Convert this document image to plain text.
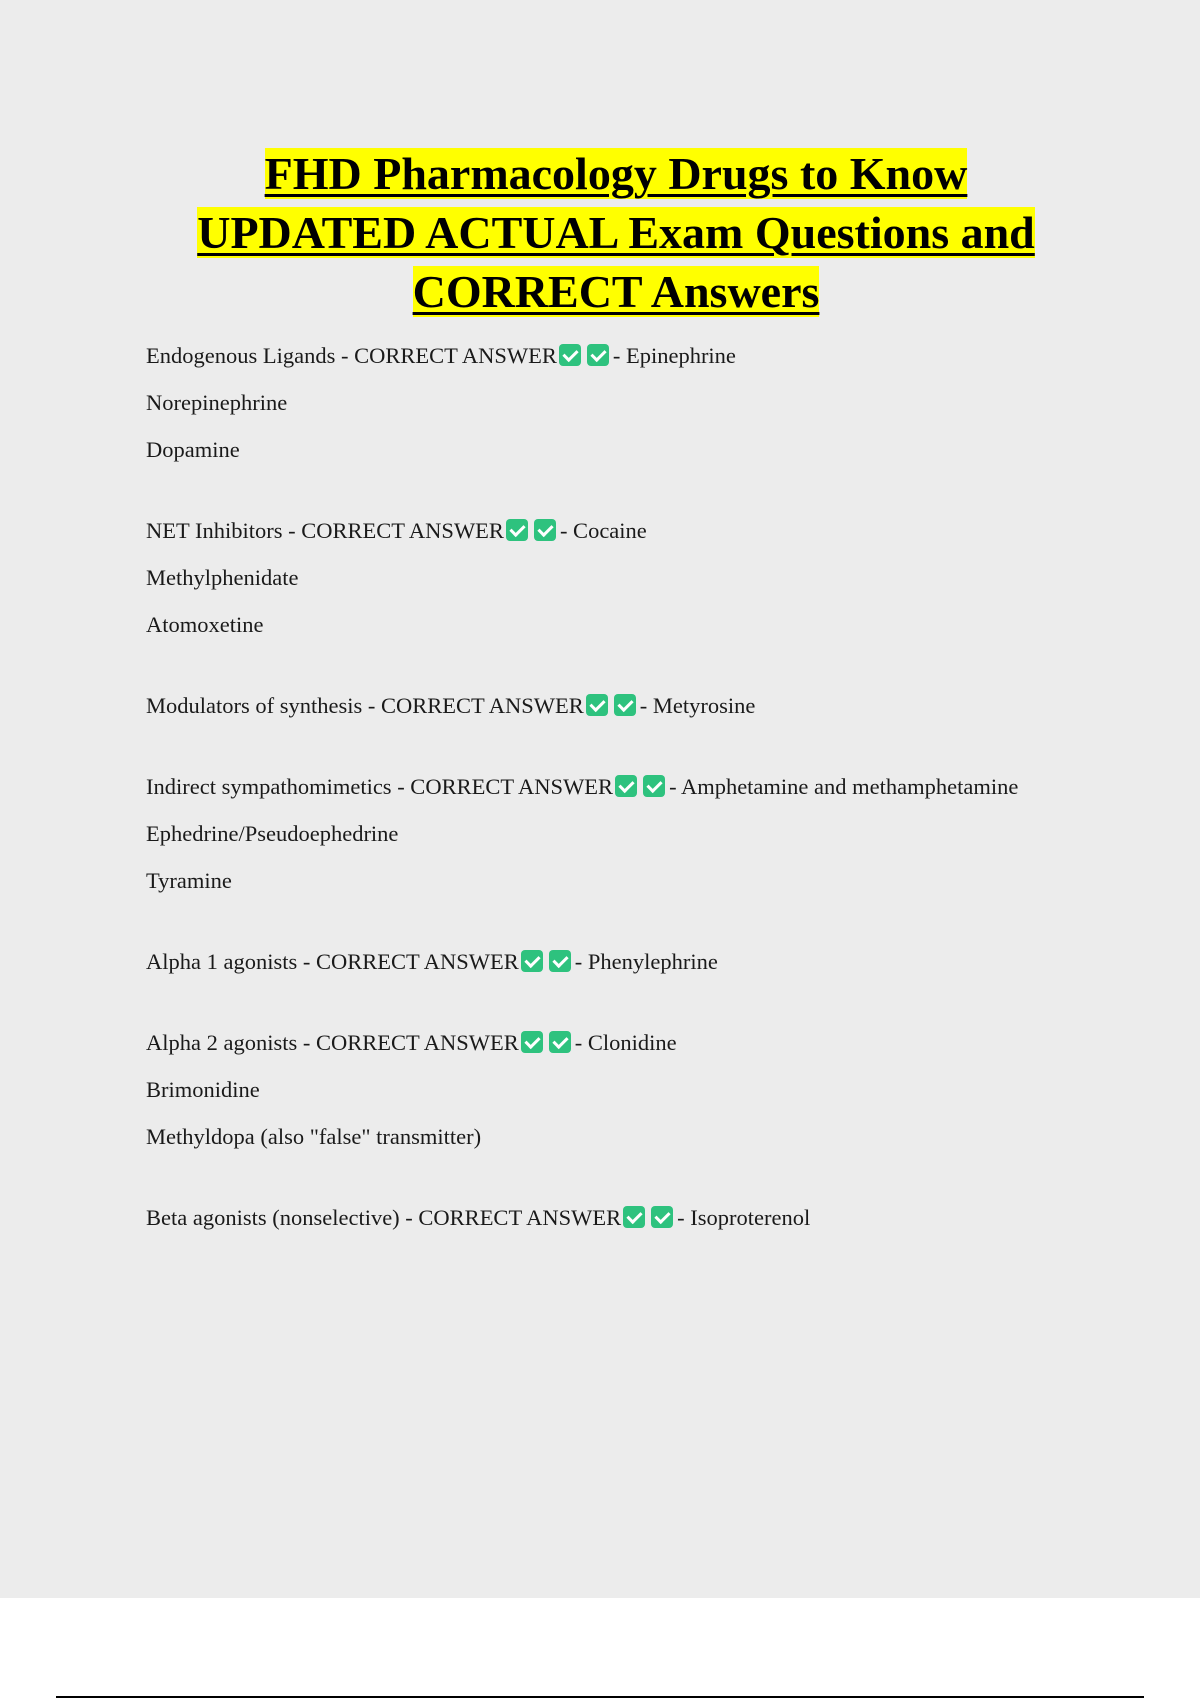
FHD Pharmacology Drugs to Know
UPDATED ACTUAL Exam Questions and
CORRECT Answers
Endogenous Ligands - CORRECT ANSWER - Epinephrine
Norepinephrine
Dopamine
NET Inhibitors - CORRECT ANSWER - Cocaine
Methylphenidate
Atomoxetine
Modulators of synthesis - CORRECT ANSWER - Metyrosine
Indirect sympathomimetics - CORRECT ANSWER - Amphetamine and methamphetamine
Ephedrine/Pseudoephedrine
Tyramine
Alpha 1 agonists - CORRECT ANSWER - Phenylephrine
Alpha 2 agonists - CORRECT ANSWER - Clonidine
Brimonidine
Methyldopa (also "false" transmitter)
Beta agonists (nonselective) - CORRECT ANSWER - Isoproterenol
